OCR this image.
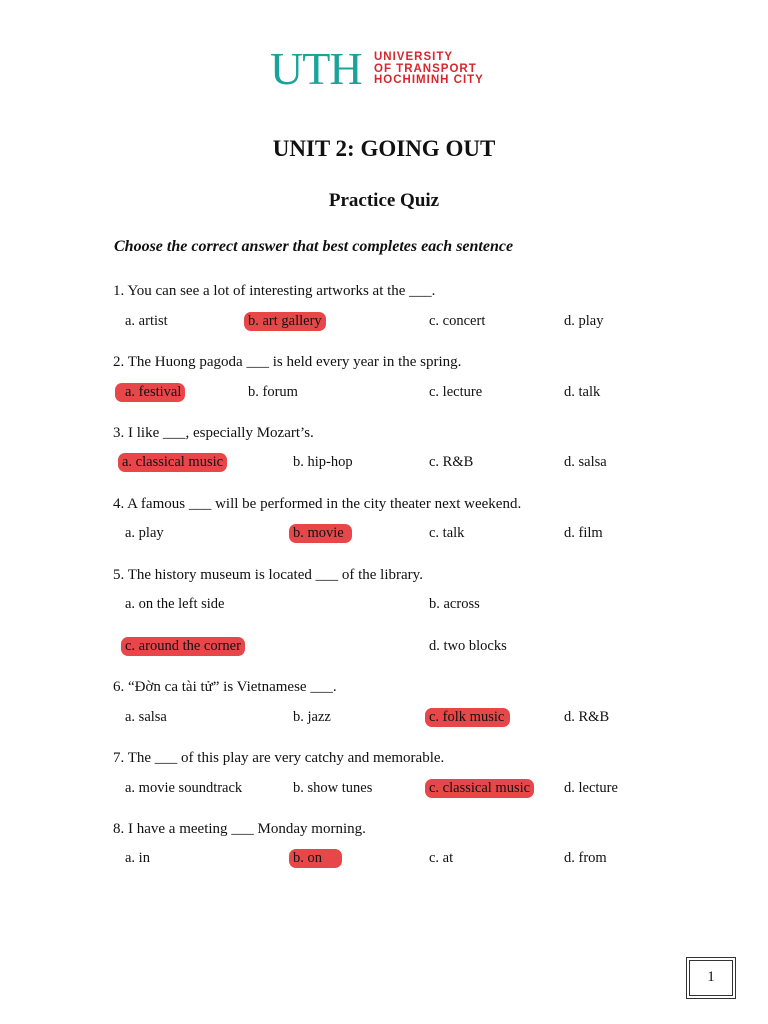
UTH UNIVERSITY
OF TRANSPORT
HOCHIMINH CITY
UNIT 2: GOING OUT
Practice Quiz
Choose the correct answer that best completes each sentence
1. You can see a lot of interesting artworks at the ___.
a. artist	b. art gallery	c. concert	d. play
2. The Huong pagoda ___ is held every year in the spring.
a. festival	b. forum	c. lecture	d. talk
3. I like ___, especially Mozart’s.
a. classical music	b. hip-hop	c. R&B	d. salsa
4. A famous ___ will be performed in the city theater next weekend.
a. play	b. movie	c. talk	d. film
5. The history museum is located ___ of the library.
a. on the left side	b. across
c. around the corner	d. two blocks
6. “Đờn ca tài tử” is Vietnamese ___.
a. salsa	b. jazz	c. folk music	d. R&B
7. The ___ of this play are very catchy and memorable.
a. movie soundtrack	b. show tunes	c. classical music d. lecture
8. I have a meeting ___ Monday morning.
a. in	b. on	c. at	d. from
1
